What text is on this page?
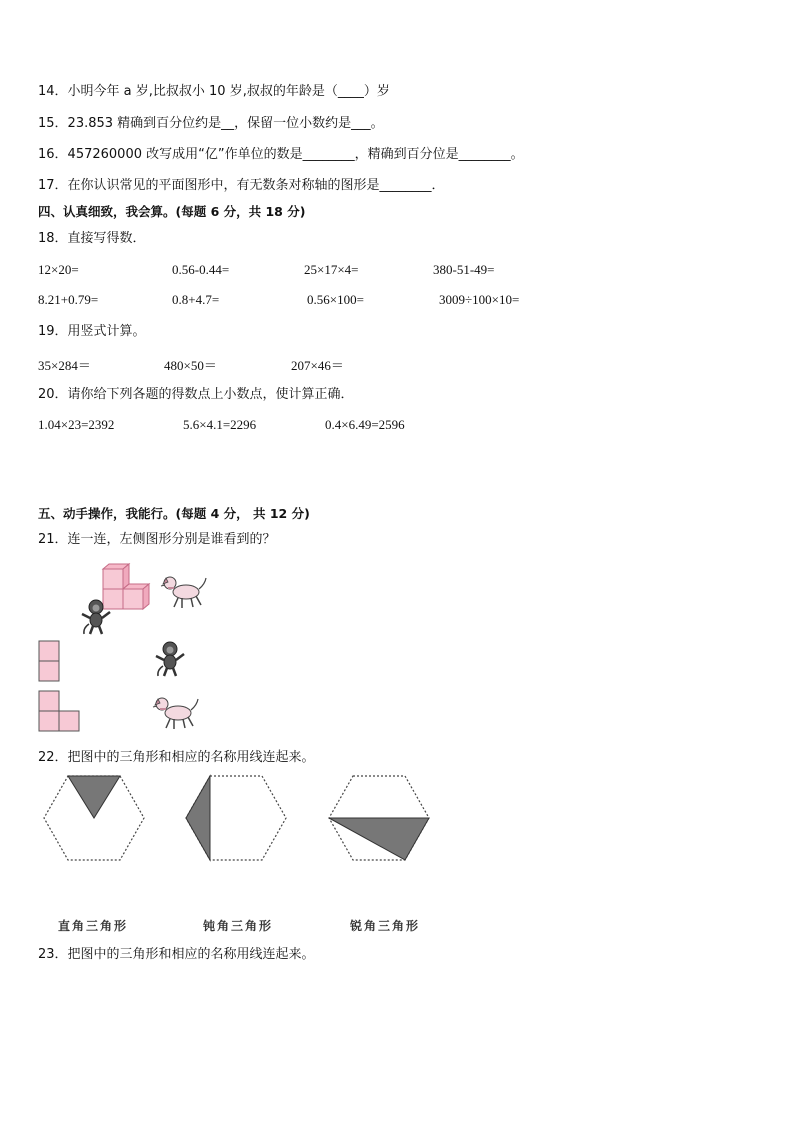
14．小明今年 a 岁,比叔叔小 10 岁,叔叔的年龄是（____）岁
15．23.853 精确到百分位约是__，保留一位小数约是___。
16．457260000 改写成用“亿”作单位的数是________，精确到百分位是________。
17．在你认识常见的平面图形中，有无数条对称轴的图形是________．
四、认真细致，我会算。(每题 6 分，共 18 分)
18．直接写得数．
12×20=	0.56-0.44=	25×17×4=	380-51-49=
8.21+0.79=	0.8+4.7=	0.56×100=	3009÷100×10=
19．用竖式计算。
35×284＝	480×50＝	207×46＝
20．请你给下列各题的得数点上小数点，使计算正确．
1.04×23=2392	5.6×4.1=2296	0.4×6.49=2596
五、动手操作，我能行。(每题 4 分， 共 12 分)
21．连一连，左侧图形分别是谁看到的？
22．把图中的三角形和相应的名称用线连起来。
直角三角形	钝角三角形	锐角三角形
23．把图中的三角形和相应的名称用线连起来。
